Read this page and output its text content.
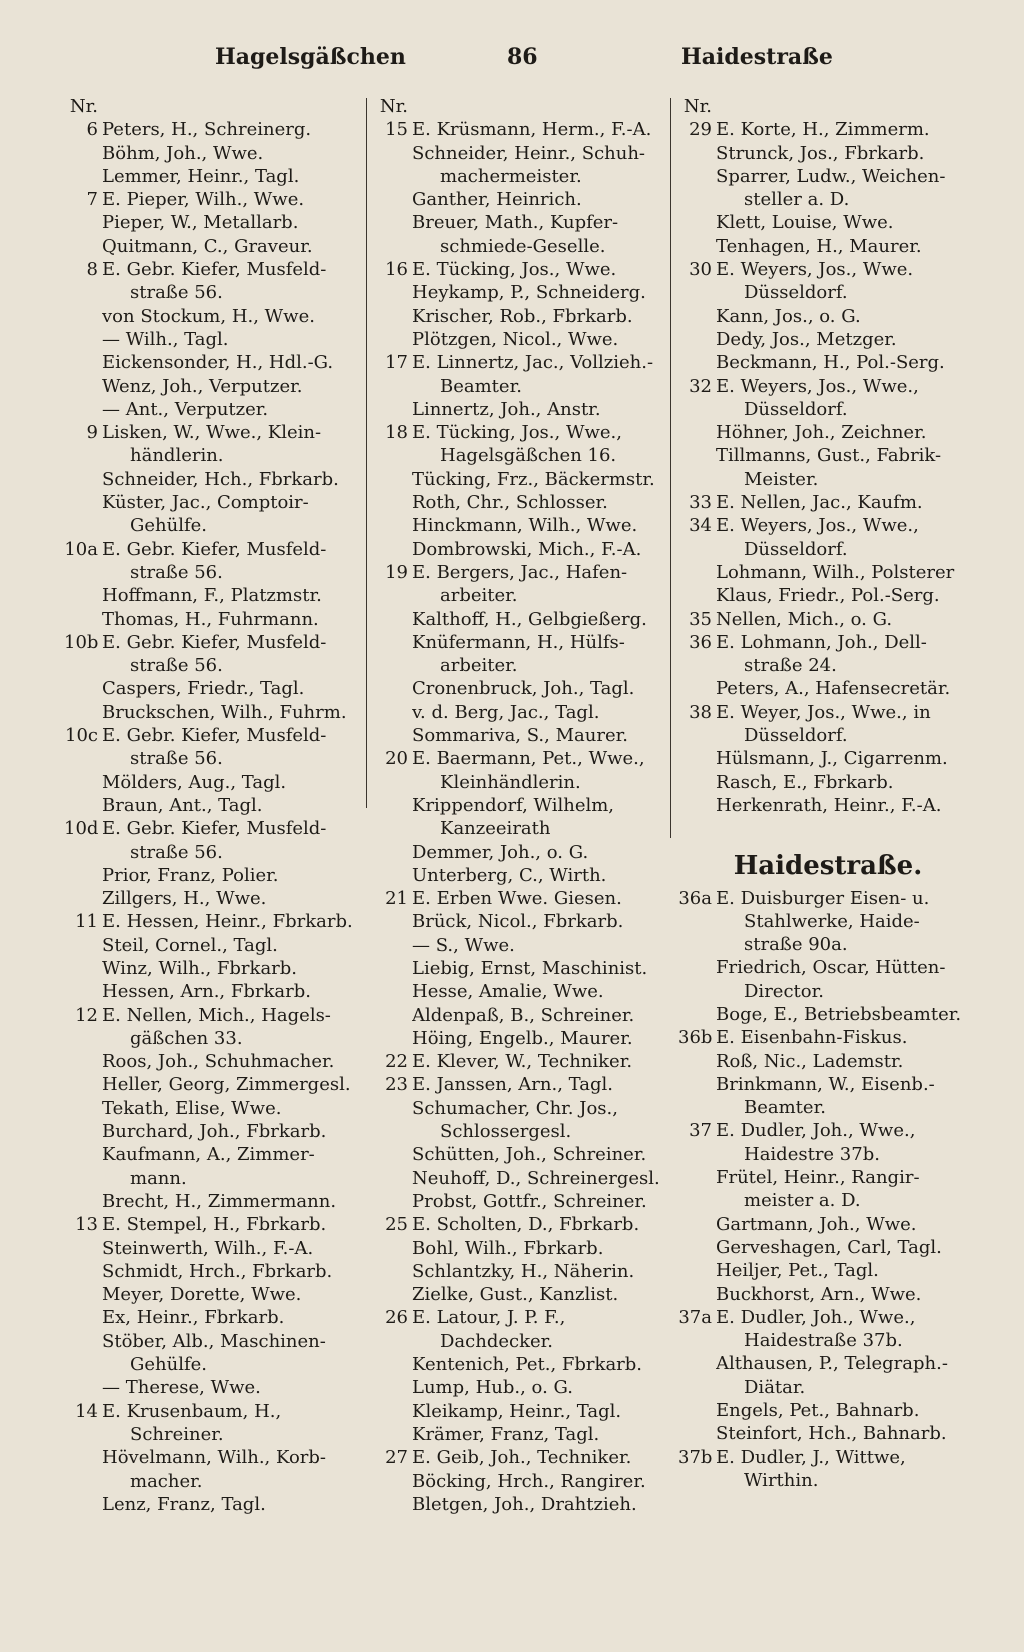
Hagelsgäßchen	86	Haidestraße
Nr.
6 Peters, H., Schreinerg.
Böhm, Joh., Wwe.
Lemmer, Heinr., Tagl.
7 E. Pieper, Wilh., Wwe.
Pieper, W., Metallarb.
Quitmann, C., Graveur.
8 E. Gebr. Kiefer, Musfeld-
straße 56.
von Stockum, H., Wwe.
— Wilh., Tagl.
Eickensonder, H., Hdl.-G.
Wenz, Joh., Verputzer.
— Ant., Verputzer.
9 Lisken, W., Wwe., Klein-
händlerin.
Schneider, Hch., Fbrkarb.
Küster, Jac., Comptoir-
Gehülfe.
10a E. Gebr. Kiefer, Musfeld-
straße 56.
Hoffmann, F., Platzmstr.
Thomas, H., Fuhrmann.
10b E. Gebr. Kiefer, Musfeld-
straße 56.
Caspers, Friedr., Tagl.
Bruckschen, Wilh., Fuhrm.
10c E. Gebr. Kiefer, Musfeld-
straße 56.
Mölders, Aug., Tagl.
Braun, Ant., Tagl.
10d E. Gebr. Kiefer, Musfeld-
straße 56.
Prior, Franz, Polier.
Zillgers, H., Wwe.
11 E. Hessen, Heinr., Fbrkarb.
Steil, Cornel., Tagl.
Winz, Wilh., Fbrkarb.
Hessen, Arn., Fbrkarb.
12 E. Nellen, Mich., Hagels-
gäßchen 33.
Roos, Joh., Schuhmacher.
Heller, Georg, Zimmergesl.
Tekath, Elise, Wwe.
Burchard, Joh., Fbrkarb.
Kaufmann, A., Zimmer-
mann.
Brecht, H., Zimmermann.
13 E. Stempel, H., Fbrkarb.
Steinwerth, Wilh., F.-A.
Schmidt, Hrch., Fbrkarb.
Meyer, Dorette, Wwe.
Ex, Heinr., Fbrkarb.
Stöber, Alb., Maschinen-
Gehülfe.
— Therese, Wwe.
14 E. Krusenbaum, H.,
Schreiner.
Hövelmann, Wilh., Korb-
macher.
Lenz, Franz, Tagl.
Nr.
15 E. Krüsmann, Herm., F.-A.
Schneider, Heinr., Schuh-
machermeister.
Ganther, Heinrich.
Breuer, Math., Kupfer-
schmiede-Geselle.
16 E. Tücking, Jos., Wwe.
Heykamp, P., Schneiderg.
Krischer, Rob., Fbrkarb.
Plötzgen, Nicol., Wwe.
17 E. Linnertz, Jac., Vollzieh.-
Beamter.
Linnertz, Joh., Anstr.
18 E. Tücking, Jos., Wwe.,
Hagelsgäßchen 16.
Tücking, Frz., Bäckermstr.
Roth, Chr., Schlosser.
Hinckmann, Wilh., Wwe.
Dombrowski, Mich., F.-A.
19 E. Bergers, Jac., Hafen-
arbeiter.
Kalthoff, H., Gelbgießerg.
Knüfermann, H., Hülfs-
arbeiter.
Cronenbruck, Joh., Tagl.
v. d. Berg, Jac., Tagl.
Sommariva, S., Maurer.
20 E. Baermann, Pet., Wwe.,
Kleinhändlerin.
Krippendorf, Wilhelm,
Kanzeeirath
Demmer, Joh., o. G.
Unterberg, C., Wirth.
21 E. Erben Wwe. Giesen.
Brück, Nicol., Fbrkarb.
— S., Wwe.
Liebig, Ernst, Maschinist.
Hesse, Amalie, Wwe.
Aldenpaß, B., Schreiner.
Höing, Engelb., Maurer.
22 E. Klever, W., Techniker.
23 E. Janssen, Arn., Tagl.
Schumacher, Chr. Jos.,
Schlossergesl.
Schütten, Joh., Schreiner.
Neuhoff, D., Schreinergesl.
Probst, Gottfr., Schreiner.
25 E. Scholten, D., Fbrkarb.
Bohl, Wilh., Fbrkarb.
Schlantzky, H., Näherin.
Zielke, Gust., Kanzlist.
26 E. Latour, J. P. F.,
Dachdecker.
Kentenich, Pet., Fbrkarb.
Lump, Hub., o. G.
Kleikamp, Heinr., Tagl.
Krämer, Franz, Tagl.
27 E. Geib, Joh., Techniker.
Böcking, Hrch., Rangirer.
Bletgen, Joh., Drahtzieh.
Nr.
29 E. Korte, H., Zimmerm.
Strunck, Jos., Fbrkarb.
Sparrer, Ludw., Weichen-
steller a. D.
Klett, Louise, Wwe.
Tenhagen, H., Maurer.
30 E. Weyers, Jos., Wwe.
Düsseldorf.
Kann, Jos., o. G.
Dedy, Jos., Metzger.
Beckmann, H., Pol.-Serg.
32 E. Weyers, Jos., Wwe.,
Düsseldorf.
Höhner, Joh., Zeichner.
Tillmanns, Gust., Fabrik-
Meister.
33 E. Nellen, Jac., Kaufm.
34 E. Weyers, Jos., Wwe.,
Düsseldorf.
Lohmann, Wilh., Polsterer
Klaus, Friedr., Pol.-Serg.
35 Nellen, Mich., o. G.
36 E. Lohmann, Joh., Dell-
straße 24.
Peters, A., Hafensecretär.
38 E. Weyer, Jos., Wwe., in
Düsseldorf.
Hülsmann, J., Cigarrenm.
Rasch, E., Fbrkarb.
Herkenrath, Heinr., F.-A.
Haidestraße.
36a E. Duisburger Eisen- u.
Stahlwerke, Haide-
straße 90a.
Friedrich, Oscar, Hütten-
Director.
Boge, E., Betriebsbeamter.
36b E. Eisenbahn-Fiskus.
Roß, Nic., Lademstr.
Brinkmann, W., Eisenb.-
Beamter.
37 E. Dudler, Joh., Wwe.,
Haidestre 37b.
Frütel, Heinr., Rangir-
meister a. D.
Gartmann, Joh., Wwe.
Gerveshagen, Carl, Tagl.
Heiljer, Pet., Tagl.
Buckhorst, Arn., Wwe.
37a E. Dudler, Joh., Wwe.,
Haidestraße 37b.
Althausen, P., Telegraph.-
Diätar.
Engels, Pet., Bahnarb.
Steinfort, Hch., Bahnarb.
37b E. Dudler, J., Wittwe,
Wirthin.
